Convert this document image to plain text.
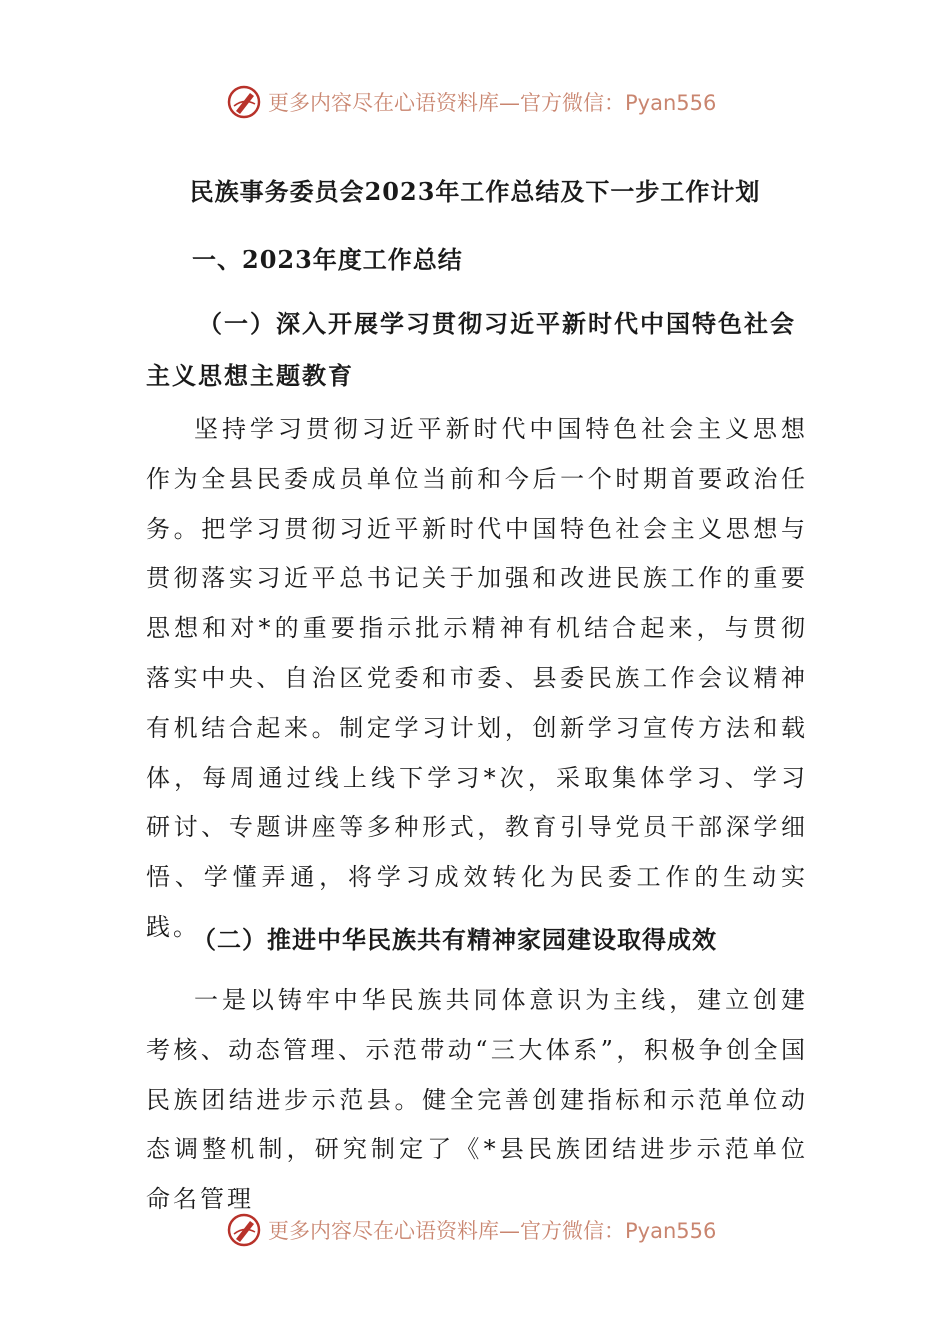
更多内容尽在心语资料库—官方微信：Pyan556
民族事务委员会2023年工作总结及下一步工作计划
一、2023年度工作总结
（一）深入开展学习贯彻习近平新时代中国特色社会主义思想主题教育

坚持学习贯彻习近平新时代中国特色社会主义思想作为全县民委成员单位当前和今后一个时期首要政治任务。把学习贯彻习近平新时代中国特色社会主义思想与贯彻落实习近平总书记关于加强和改进民族工作的重要思想和对*的重要指示批示精神有机结合起来，与贯彻落实中央、自治区党委和市委、县委民族工作会议精神有机结合起来。制定学习计划，创新学习宣传方法和载体，每周通过线上线下学习*次，采取集体学习、学习研讨、专题讲座等多种形式，教育引导党员干部深学细悟、学懂弄通，将学习成效转化为民委工作的生动实践。

（二）推进中华民族共有精神家园建设取得成效

一是以铸牢中华民族共同体意识为主线，建立创建考核、动态管理、示范带动“三大体系”，积极争创全国民族团结进步示范县。健全完善创建指标和示范单位动态调整机制，研究制定了《*县民族团结进步示范单位命名管理

更多内容尽在心语资料库—官方微信：Pyan556
